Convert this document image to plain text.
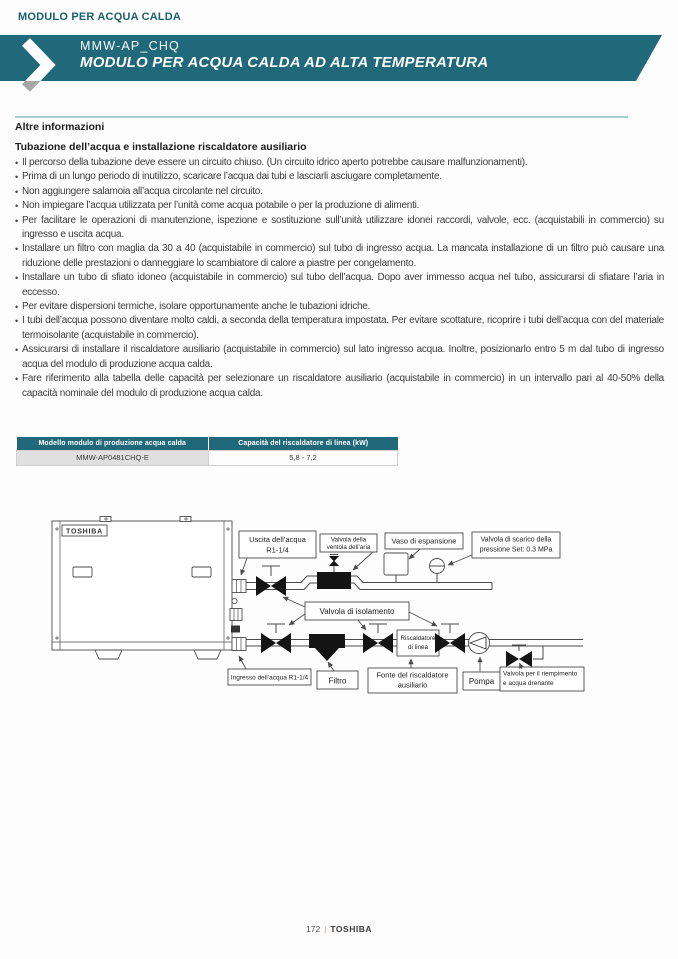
MODULO PER ACQUA CALDA
MMW-AP_CHQ
MODULO PER ACQUA CALDA AD ALTA TEMPERATURA
Altre informazioni
Tubazione dell’acqua e installazione riscaldatore ausiliario
• Il percorso della tubazione deve essere un circuito chiuso. (Un circuito idrico aperto potrebbe causare malfunzionamenti).
• Prima di un lungo periodo di inutilizzo, scaricare l’acqua dai tubi e lasciarli asciugare completamente.
• Non aggiungere salamoia all’acqua circolante nel circuito.
• Non impiegare l’acqua utilizzata per l’unità come acqua potabile o per la produzione di alimenti.
• Per facilitare le operazioni di manutenzione, ispezione e sostituzione sull’unità utilizzare idonei raccordi, valvole, ecc. (acquistabili in commercio) su ingresso e uscita acqua.
• Installare un filtro con maglia da 30 a 40 (acquistabile in commercio) sul tubo di ingresso acqua. La mancata installazione di un filtro può causare una riduzione delle prestazioni o danneggiare lo scambiatore di calore a piastre per congelamento.
• Installare un tubo di sfiato idoneo (acquistabile in commercio) sul tubo dell’acqua. Dopo aver immesso acqua nel tubo, assicurarsi di sfiatare l’aria in eccesso.
• Per evitare dispersioni termiche, isolare opportunamente anche le tubazioni idriche.
• I tubi dell’acqua possono diventare molto caldi, a seconda della temperatura impostata. Per evitare scottature, ricoprire i tubi dell’acqua con del materiale termoisolante (acquistabile in commercio).
• Assicurarsi di installare il riscaldatore ausiliario (acquistabile in commercio) sul lato ingresso acqua. Inoltre, posizionarlo entro 5 m dal tubo di ingresso acqua del modulo di produzione acqua calda.
• Fare riferimento alla tabella delle capacità per selezionare un riscaldatore ausiliario (acquistabile in commercio) in un intervallo pari al 40-50% della capacità nominale del modulo di produzione acqua calda.
Modello modulo di produzione acqua calda	Capacità del riscaldatore di linea (kW)
MMW-AP0481CHQ-E	5,8 - 7,2
TOSHIBA
Riscaldatore
di linea
Uscita dell’acqua
R1-1/4
Valvola della
ventola dell’aria
Vaso di espansione	Valvola di scarico della
pressione Set: 0.3 MPa
Valvola di isolamento
Ingresso dell’acqua R1-1/4	Filtro
Fonte del riscaldatore
ausiliario	Pompa
Valvola per il riempimento
e acqua drenante
172 | TOSHIBA
